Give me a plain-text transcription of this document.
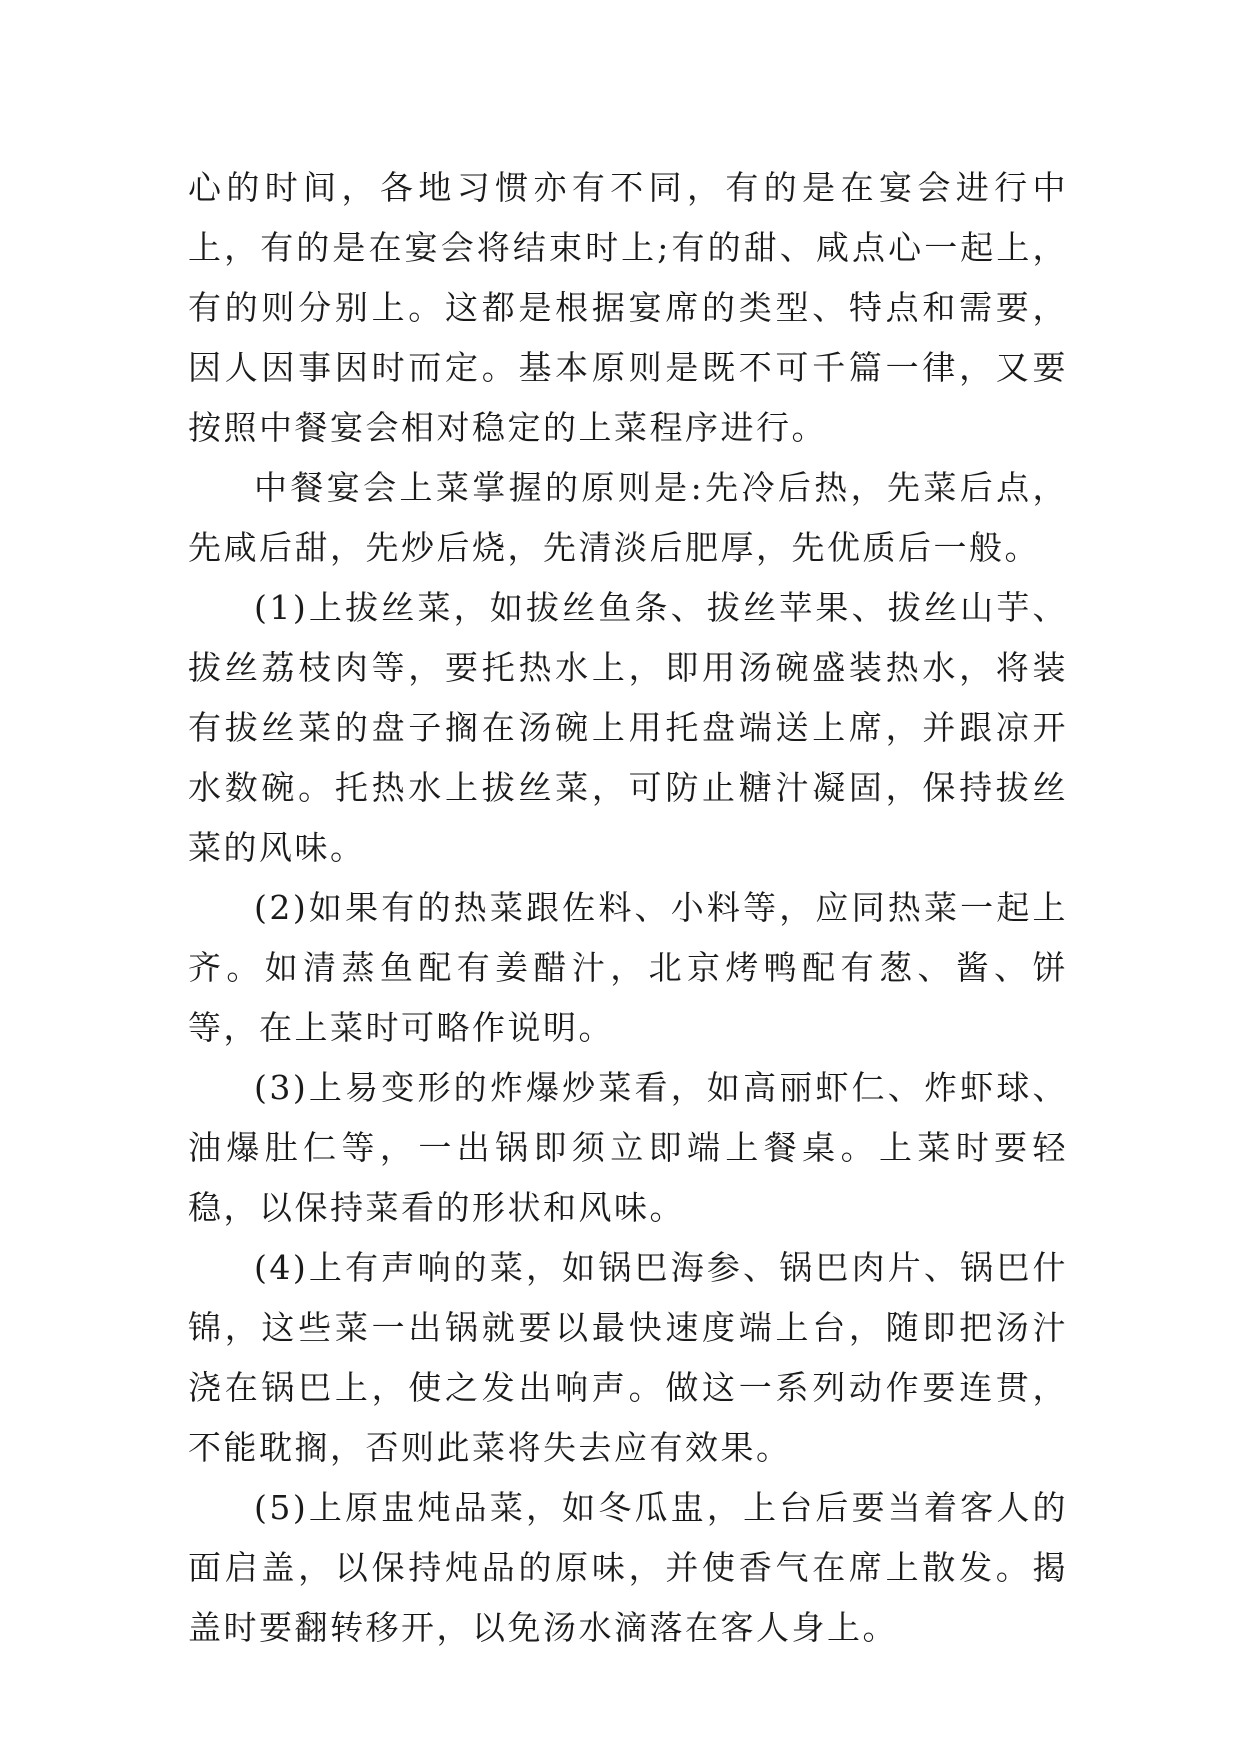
心的时间，各地习惯亦有不同，有的是在宴会进行中上，有的是在宴会将结束时上;有的甜、咸点心一起上，有的则分别上。这都是根据宴席的类型、特点和需要，因人因事因时而定。基本原则是既不可千篇一律，又要按照中餐宴会相对稳定的上菜程序进行。

中餐宴会上菜掌握的原则是:先冷后热，先菜后点，先咸后甜，先炒后烧，先清淡后肥厚，先优质后一般。

(1)上拔丝菜，如拔丝鱼条、拔丝苹果、拔丝山芋、拔丝荔枝肉等，要托热水上，即用汤碗盛装热水，将装有拔丝菜的盘子搁在汤碗上用托盘端送上席，并跟凉开水数碗。托热水上拔丝菜，可防止糖汁凝固，保持拔丝菜的风味。

(2)如果有的热菜跟佐料、小料等，应同热菜一起上齐。如清蒸鱼配有姜醋汁，北京烤鸭配有葱、酱、饼等，在上菜时可略作说明。

(3)上易变形的炸爆炒菜看，如高丽虾仁、炸虾球、油爆肚仁等，一出锅即须立即端上餐桌。上菜时要轻稳，以保持菜看的形状和风味。

(4)上有声响的菜，如锅巴海参、锅巴肉片、锅巴什锦，这些菜一出锅就要以最快速度端上台，随即把汤汁浇在锅巴上，使之发出响声。做这一系列动作要连贯，不能耽搁，否则此菜将失去应有效果。

(5)上原盅炖品菜，如冬瓜盅，上台后要当着客人的面启盖，以保持炖品的原味，并使香气在席上散发。揭盖时要翻转移开，以免汤水滴落在客人身上。
